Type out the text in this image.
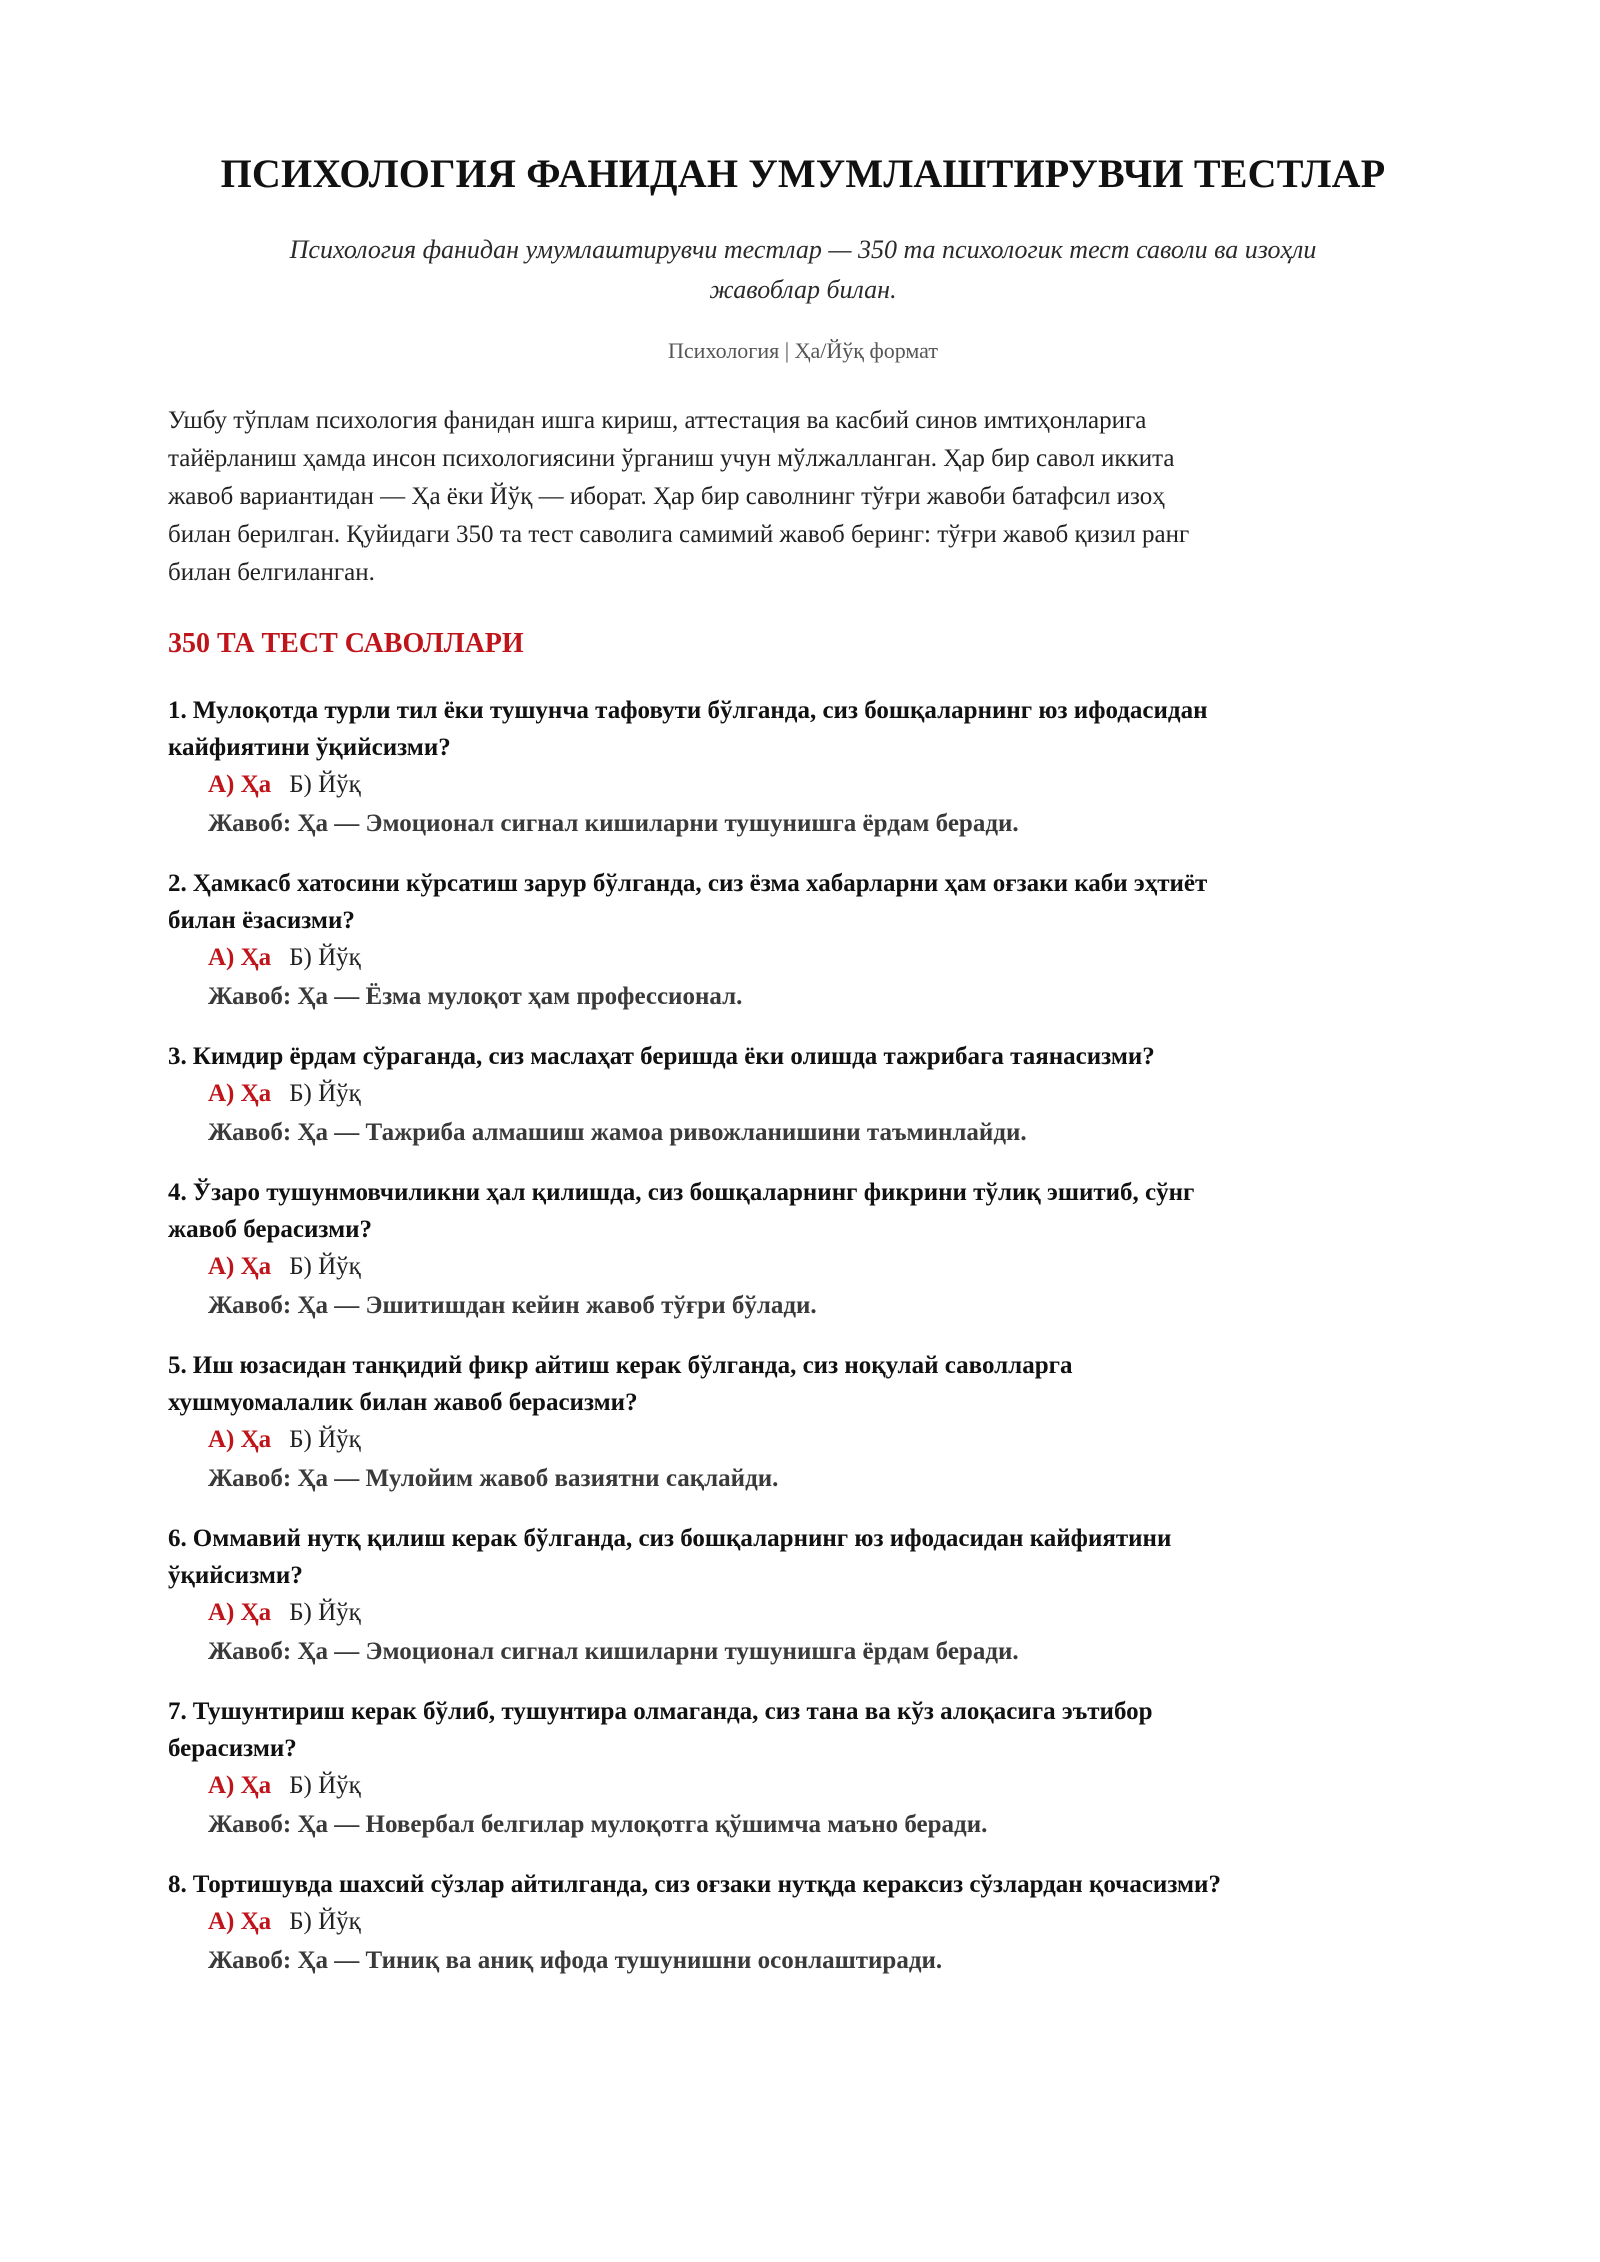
ПСИХОЛОГИЯ ФАНИДАН УМУМЛАШТИРУВЧИ ТЕСТЛАР
Психология фанидан умумлаштирувчи тестлар — 350 та психологик тест саволи ва изоҳли
жавоблар билан.
Психология | Ҳа/Йўқ формат
Ушбу тўплам психология фанидан ишга кириш, аттестация ва касбий синов имтиҳонларига
тайёрланиш ҳамда инсон психологиясини ўрганиш учун мўлжалланган. Ҳар бир савол иккита
жавоб вариантидан — Ҳа ёки Йўқ — иборат. Ҳар бир саволнинг тўғри жавоби батафсил изоҳ
билан берилган. Қуйидаги 350 та тест саволига самимий жавоб беринг: тўғри жавоб қизил ранг
билан белгиланган.
350 ТА ТЕСТ САВОЛЛАРИ
1. Мулоқотда турли тил ёки тушунча тафовути бўлганда, сиз бошқаларнинг юз ифодасидан
кайфиятини ўқийсизми?
А) Ҳа Б) Йўқ
Жавоб: Ҳа — Эмоционал сигнал кишиларни тушунишга ёрдам беради.
2. Ҳамкасб хатосини кўрсатиш зарур бўлганда, сиз ёзма хабарларни ҳам оғзаки каби эҳтиёт
билан ёзасизми?
А) Ҳа Б) Йўқ
Жавоб: Ҳа — Ёзма мулоқот ҳам профессионал.
3. Кимдир ёрдам сўраганда, сиз маслаҳат беришда ёки олишда тажрибага таянасизми?
А) Ҳа Б) Йўқ
Жавоб: Ҳа — Тажриба алмашиш жамоа ривожланишини таъминлайди.
4. Ўзаро тушунмовчиликни ҳал қилишда, сиз бошқаларнинг фикрини тўлиқ эшитиб, сўнг
жавоб берасизми?
А) Ҳа Б) Йўқ
Жавоб: Ҳа — Эшитишдан кейин жавоб тўғри бўлади.
5. Иш юзасидан танқидий фикр айтиш керак бўлганда, сиз ноқулай саволларга
хушмуомалалик билан жавоб берасизми?
А) Ҳа Б) Йўқ
Жавоб: Ҳа — Мулойим жавоб вазиятни сақлайди.
6. Оммавий нутқ қилиш керак бўлганда, сиз бошқаларнинг юз ифодасидан кайфиятини
ўқийсизми?
А) Ҳа Б) Йўқ
Жавоб: Ҳа — Эмоционал сигнал кишиларни тушунишга ёрдам беради.
7. Тушунтириш керак бўлиб, тушунтира олмаганда, сиз тана ва кўз алоқасига эътибор
берасизми?
А) Ҳа Б) Йўқ
Жавоб: Ҳа — Новербал белгилар мулоқотга қўшимча маъно беради.
8. Тортишувда шахсий сўзлар айтилганда, сиз оғзаки нутқда кераксиз сўзлардан қочасизми?
А) Ҳа Б) Йўқ
Жавоб: Ҳа — Тиниқ ва аниқ ифода тушунишни осонлаштиради.
